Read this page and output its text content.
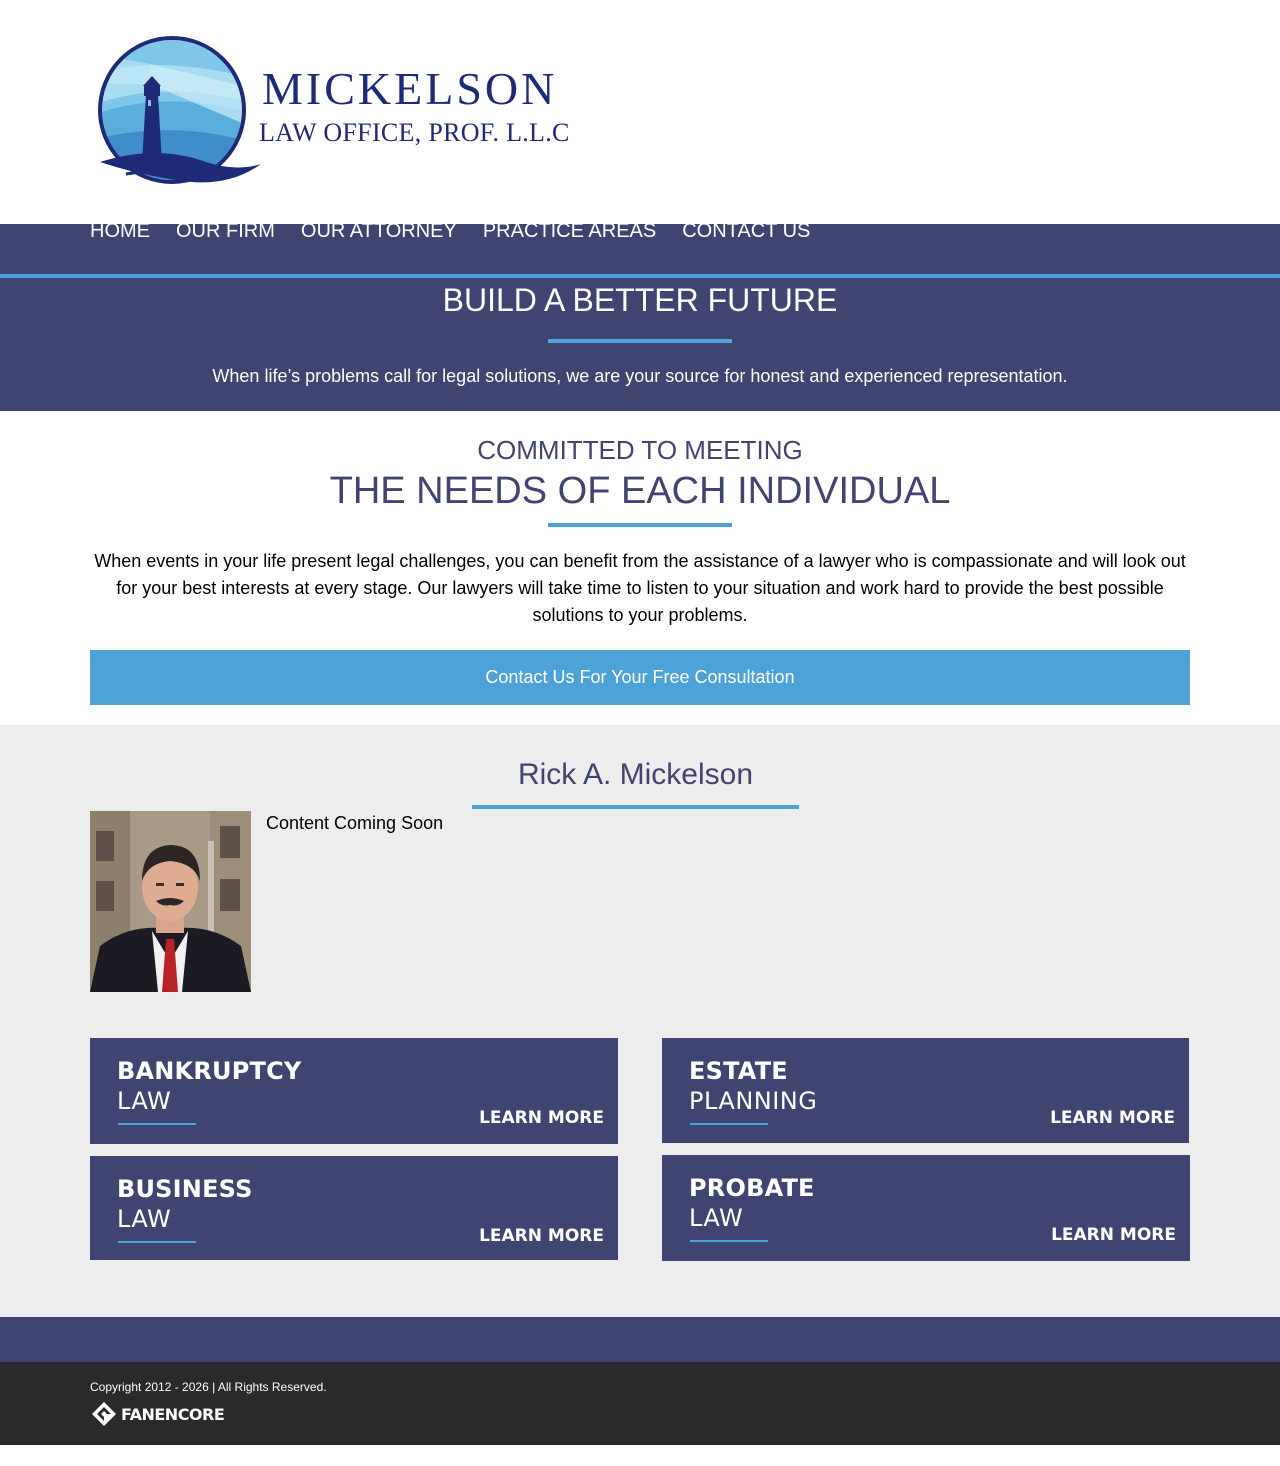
MICKELSON
LAW OFFICE, PROF. L.L.C
HOME OUR FIRM OUR ATTORNEY PRACTICE AREAS CONTACT US
BUILD A BETTER FUTURE
When life’s problems call for legal solutions, we are your source for honest and experienced representation.
COMMITTED TO MEETING
THE NEEDS OF EACH INDIVIDUAL
When events in your life present legal challenges, you can benefit from the assistance of a lawyer who is compassionate and will look out for your best interests at every stage. Our lawyers will take time to listen to your situation and work hard to provide the best possible solutions to your problems.
Contact Us For Your Free Consultation
Rick A. Mickelson
Content Coming Soon
BANKRUPTCY
LAW
LEARN MORE
ESTATE
PLANNING
LEARN MORE
BUSINESS
LAW
LEARN MORE
PROBATE
LAW
LEARN MORE
Copyright 2012 - 2026 | All Rights Reserved.
FANENCORE
